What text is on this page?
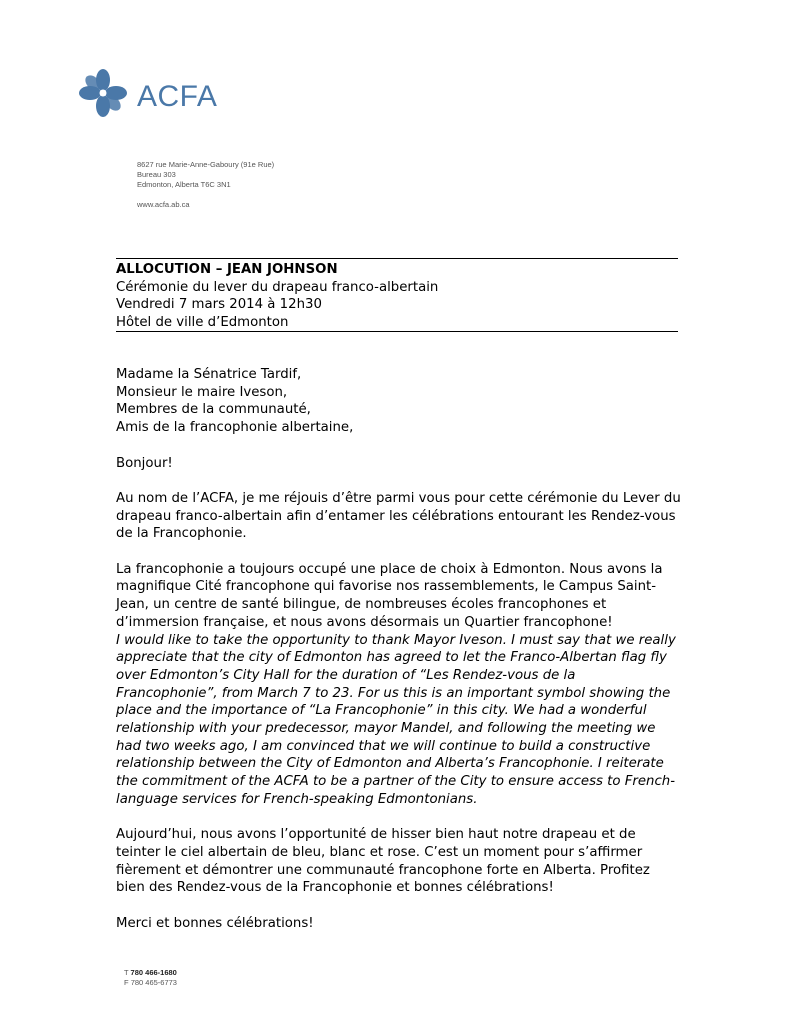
ACFA
8627 rue Marie-Anne-Gaboury (91e Rue)
Bureau 303
Edmonton, Alberta T6C 3N1
www.acfa.ab.ca
ALLOCUTION – JEAN JOHNSON
Cérémonie du lever du drapeau franco-albertain
Vendredi 7 mars 2014 à 12h30
Hôtel de ville d’Edmonton

Madame la Sénatrice Tardif,

Monsieur le maire Iveson,

Membres de la communauté,

Amis de la francophonie albertaine,

Bonjour!

Au nom de l’ACFA, je me réjouis d’être parmi vous pour cette cérémonie du Lever du drapeau franco-albertain afin d’entamer les célébrations entourant les Rendez-vous de la Francophonie.

La francophonie a toujours occupé une place de choix à Edmonton. Nous avons la magnifique Cité francophone qui favorise nos rassemblements, le Campus Saint-Jean, un centre de santé bilingue, de nombreuses écoles francophones et d’immersion française, et nous avons désormais un Quartier francophone!

I would like to take the opportunity to thank Mayor Iveson. I must say that we really appreciate that the city of Edmonton has agreed to let the Franco-Albertan flag fly over Edmonton’s City Hall for the duration of “Les Rendez-vous de la Francophonie”, from March 7 to 23. For us this is an important symbol showing the place and the importance of “La Francophonie” in this city. We had a wonderful relationship with your predecessor, mayor Mandel, and following the meeting we had two weeks ago, I am convinced that we will continue to build a constructive relationship between the City of Edmonton and Alberta’s Francophonie. I reiterate the commitment of the ACFA to be a partner of the City to ensure access to French-language services for French-speaking Edmontonians.

Aujourd’hui, nous avons l’opportunité de hisser bien haut notre drapeau et de teinter le ciel albertain de bleu, blanc et rose. C’est un moment pour s’affirmer fièrement et démontrer une communauté francophone forte en Alberta. Profitez bien des Rendez-vous de la Francophonie et bonnes célébrations!

Merci et bonnes célébrations!

T 780 466-1680
F 780 465-6773
